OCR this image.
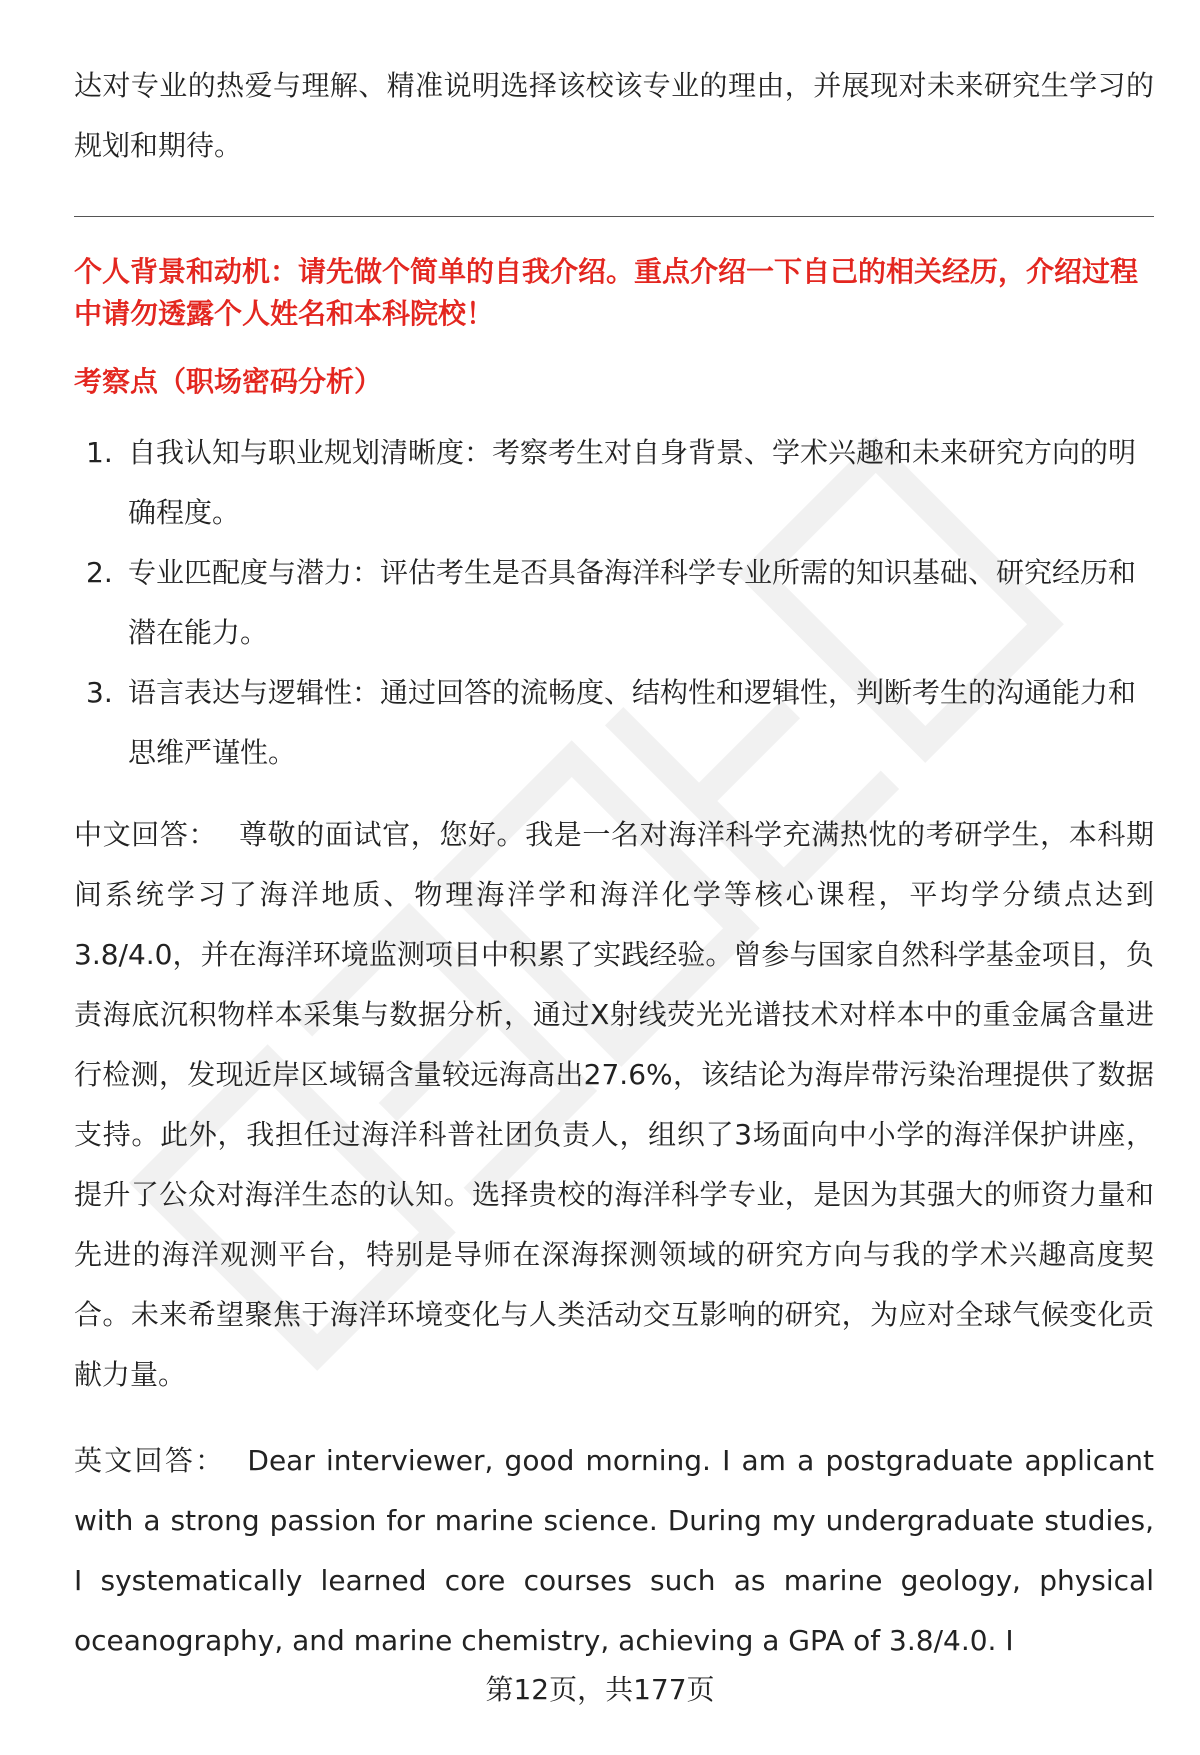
达对专业的热爱与理解、精准说明选择该校该专业的理由，并展现对未来研究生学习的规划和期待。

个人背景和动机：请先做个简单的自我介绍。重点介绍一下自己的相关经历，介绍过程中请勿透露个人姓名和本科院校！

考察点（职场密码分析）

1. 自我认知与职业规划清晰度：考察考生对自身背景、学术兴趣和未来研究方向的明确程度。
2. 专业匹配度与潜力：评估考生是否具备海洋科学专业所需的知识基础、研究经历和潜在能力。
3. 语言表达与逻辑性：通过回答的流畅度、结构性和逻辑性，判断考生的沟通能力和思维严谨性。

中文回答： 尊敬的面试官，您好。我是一名对海洋科学充满热忱的考研学生，本科期间系统学习了海洋地质、物理海洋学和海洋化学等核心课程，平均学分绩点达到3.8/4.0，并在海洋环境监测项目中积累了实践经验。曾参与国家自然科学基金项目，负责海底沉积物样本采集与数据分析，通过X射线荧光光谱技术对样本中的重金属含量进行检测，发现近岸区域镉含量较远海高出27.6%，该结论为海岸带污染治理提供了数据支持。此外，我担任过海洋科普社团负责人，组织了3场面向中小学的海洋保护讲座，提升了公众对海洋生态的认知。选择贵校的海洋科学专业，是因为其强大的师资力量和先进的海洋观测平台，特别是导师在深海探测领域的研究方向与我的学术兴趣高度契合。未来希望聚焦于海洋环境变化与人类活动交互影响的研究，为应对全球气候变化贡献力量。

英文回答： Dear interviewer, good morning. I am a postgraduate applicant with a strong passion for marine science. During my undergraduate studies, I systematically learned core courses such as marine geology, physical oceanography, and marine chemistry, achieving a GPA of 3.8/4.0. I

第12页，共177页
